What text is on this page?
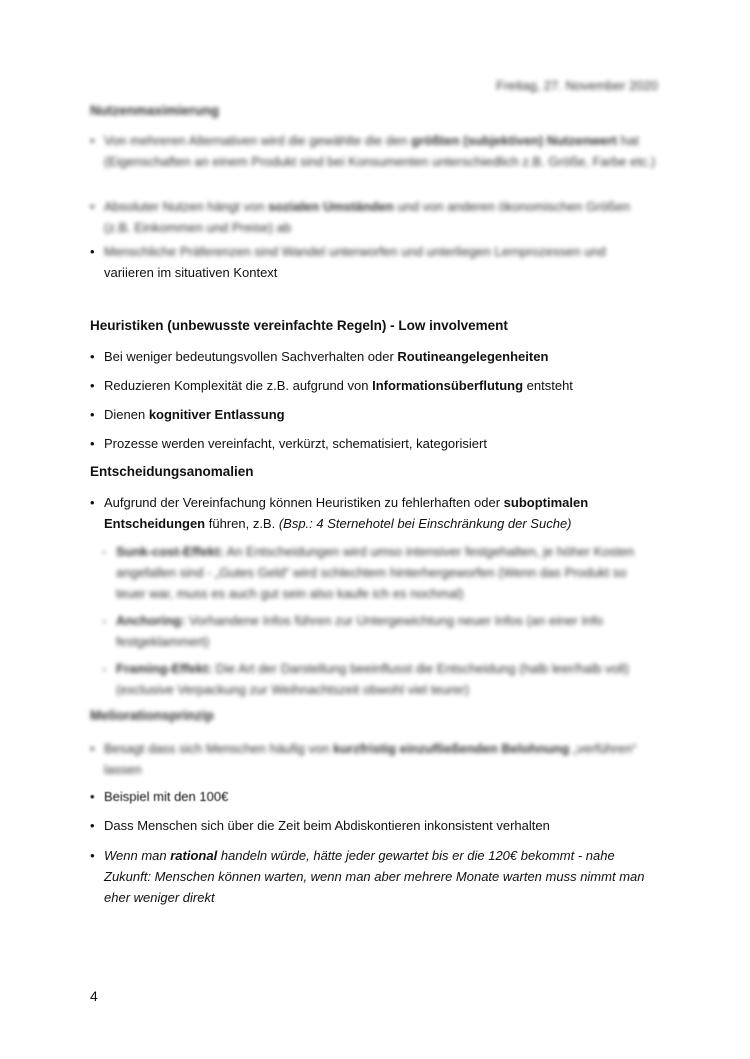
Freitag, 27. November 2020
Nutzenmaximierung
• Von mehreren Alternativen wird die gewählte die den größten (subjektiven) Nutzenwert hat (Eigenschaften an einem Produkt sind bei Konsumenten unterschiedlich z.B. Größe, Farbe etc.)
• Absoluter Nutzen hängt von sozialen Umständen und von anderen ökonomischen Größen (z.B. Einkommen und Preise) ab
• Menschliche Präferenzen sind Wandel unterworfen und unterliegen Lernprozessen und
variieren im situativen Kontext
Heuristiken (unbewusste vereinfachte Regeln) - Low involvement
• Bei weniger bedeutungsvollen Sachverhalten oder Routineangelegenheiten
• Reduzieren Komplexität die z.B. aufgrund von Informationsüberflutung entsteht
• Dienen kognitiver Entlassung
• Prozesse werden vereinfacht, verkürzt, schematisiert, kategorisiert
Entscheidungsanomalien
• Aufgrund der Vereinfachung können Heuristiken zu fehlerhaften oder suboptimalen Entscheidungen führen, z.B. (Bsp.: 4 Sternehotel bei Einschränkung der Suche)
- Sunk-cost-Effekt: An Entscheidungen wird umso intensiver festgehalten, je höher Kosten angefallen sind - „Gutes Geld“ wird schlechtem hinterhergeworfen (Wenn das Produkt so teuer war, muss es auch gut sein also kaufe ich es nochmal)
- Anchoring: Vorhandene Infos führen zur Untergewichtung neuer Infos (an einer Info festgeklammert)
- Framing-Effekt: Die Art der Darstellung beeinflusst die Entscheidung (halb leer/halb voll) (exclusive Verpackung zur Weihnachtszeit obwohl viel teurer)
Meliorationsprinzip
• Besagt dass sich Menschen häufig von kurzfristig einzufließenden Belohnung „verführen“ lassen
• Beispiel mit den 100€
• Dass Menschen sich über die Zeit beim Abdiskontieren inkonsistent verhalten
• Wenn man rational handeln würde, hätte jeder gewartet bis er die 120€ bekommt - nahe Zukunft: Menschen können warten, wenn man aber mehrere Monate warten muss nimmt man eher weniger direkt
4
